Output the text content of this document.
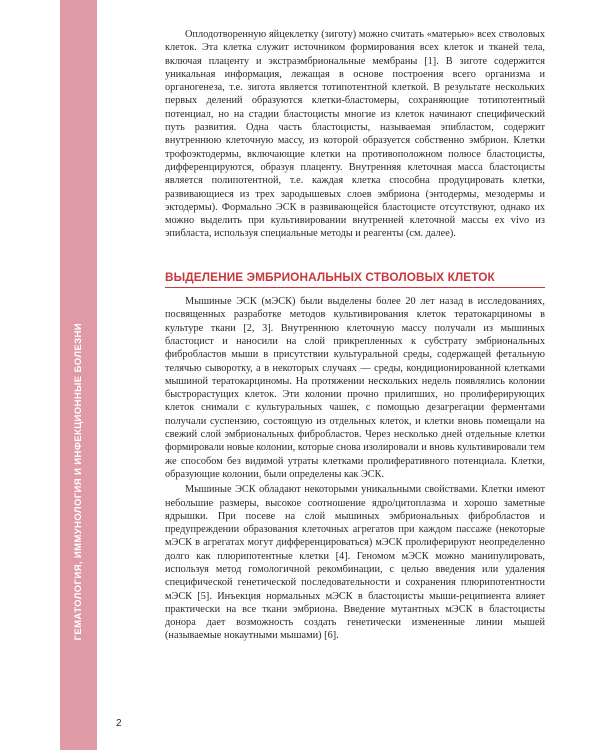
ГЕМАТОЛОГИЯ, ИММУНОЛОГИЯ И ИНФЕКЦИОННЫЕ БОЛЕЗНИ

Оплодотворенную яйцеклетку (зиготу) можно считать «матерью» всех стволовых клеток. Эта клетка служит источником формирования всех клеток и тканей тела, включая плаценту и экстраэмбриональные мембраны [1]. В зиготе содержится уникальная информация, лежащая в основе построения всего организма и органогенеза, т.е. зигота является тотипотентной клеткой. В результате нескольких первых делений образуются клетки-бластомеры, сохраняющие тотипотентный потенциал, но на стадии бластоцисты многие из клеток начинают специфический путь развития. Одна часть бластоцисты, называемая эпибластом, содержит внутреннюю клеточную массу, из которой образуется собственно эмбрион. Клетки трофоэктодермы, включающие клетки на противоположном полюсе бластоцисты, дифференцируются, образуя плаценту. Внутренняя клеточная масса бластоцисты является полипотентной, т.е. каждая клетка способна продуцировать клетки, развивающиеся из трех зародышевых слоев эмбриона (энтодермы, мезодермы и эктодермы). Формально ЭСК в развивающейся бластоцисте отсутствуют, однако их можно выделить при культивировании внутренней клеточной массы ex vivo из эпибласта, используя специальные методы и реагенты (см. далее).

ВЫДЕЛЕНИЕ ЭМБРИОНАЛЬНЫХ СТВОЛОВЫХ КЛЕТОК

Мышиные ЭСК (мЭСК) были выделены более 20 лет назад в исследованиях, посвященных разработке методов культивирования клеток тератокарциномы в культуре ткани [2, 3]. Внутреннюю клеточную массу получали из мышиных бластоцист и наносили на слой прикрепленных к субстрату эмбриональных фибробластов мыши в присутствии культуральной среды, содержащей фетальную телячью сыворотку, а в некоторых случаях — среды, кондиционированной клетками мышиной тератокарциномы. На протяжении нескольких недель появлялись колонии быстрорастущих клеток. Эти колонии прочно прилипших, но пролиферирующих клеток снимали с культуральных чашек, с помощью дезагрегации ферментами получали суспензию, состоящую из отдельных клеток, и клетки вновь помещали на свежий слой эмбриональных фибробластов. Через несколько дней отдельные клетки формировали новые колонии, которые снова изолировали и вновь культивировали тем же способом без видимой утраты клетками пролиферативного потенциала. Клетки, образующие колонии, были определены как ЭСК.

Мышиные ЭСК обладают некоторыми уникальными свойствами. Клетки имеют небольшие размеры, высокое соотношение ядро/цитоплазма и хорошо заметные ядрышки. При посеве на слой мышиных эмбриональных фибробластов и предупреждении образования клеточных агрегатов при каждом пассаже (некоторые мЭСК в агрегатах могут дифференцироваться) мЭСК пролиферируют неопределенно долго как плюрипотентные клетки [4]. Геномом мЭСК можно манипулировать, используя метод гомологичной рекомбинации, с целью введения или удаления специфической генетической последовательности и сохранения плюрипотентности мЭСК [5]. Инъекция нормальных мЭСК в бластоцисты мыши-реципиента влияет практически на все ткани эмбриона. Введение мутантных мЭСК в бластоцисты донора дает возможность создать генетически измененные линии мышей (называемые нокаутными мышами) [6].

2
